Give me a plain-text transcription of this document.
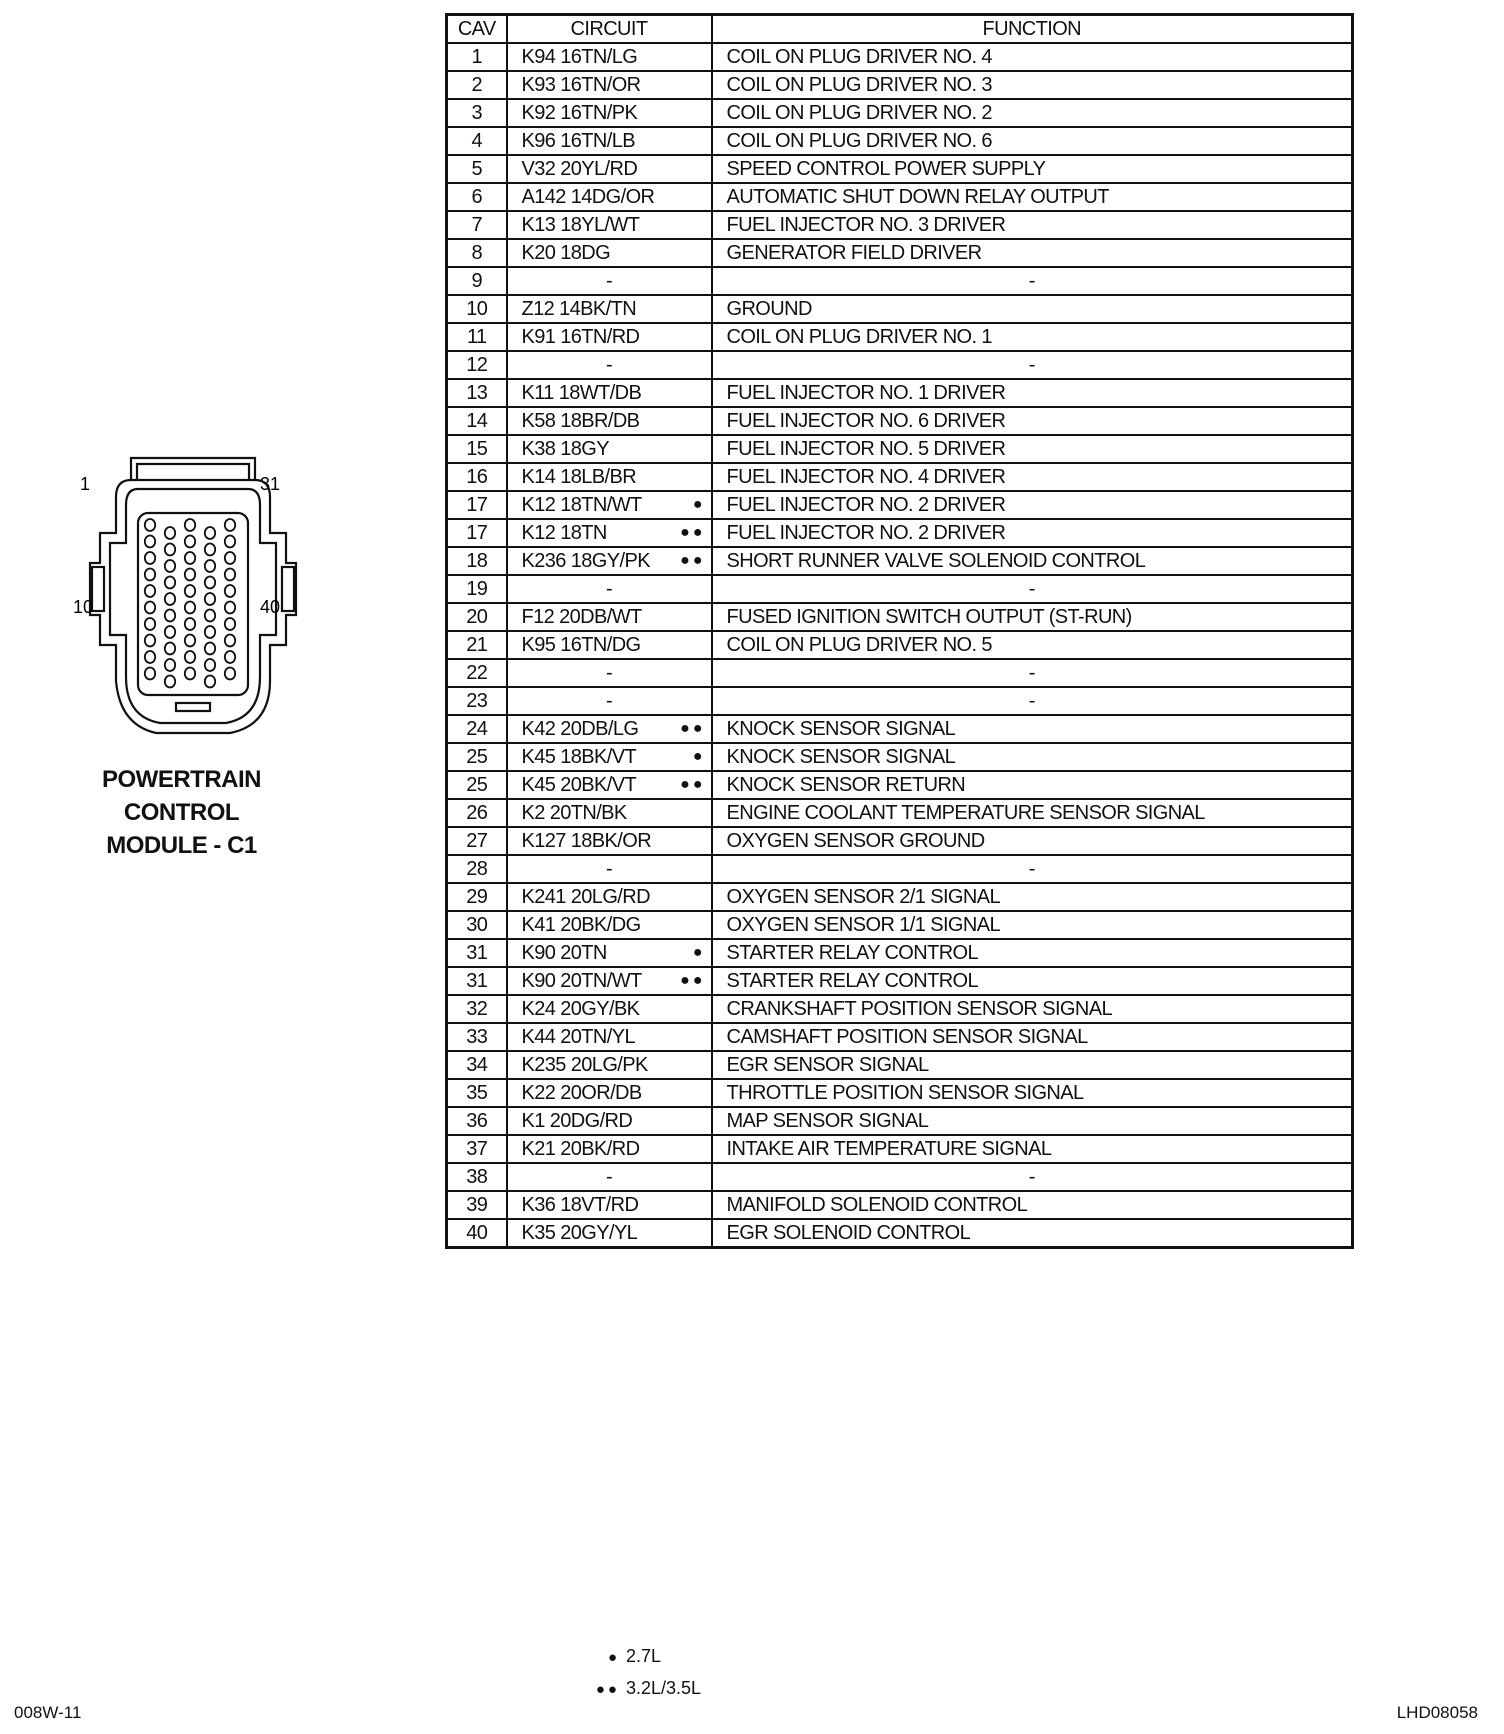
1	31
10	40
POWERTRAIN
CONTROL
MODULE - C1
CAV	CIRCUIT	FUNCTION
1	K94 16TN/LG	COIL ON PLUG DRIVER NO. 4
2	K93 16TN/OR	COIL ON PLUG DRIVER NO. 3
3	K92 16TN/PK	COIL ON PLUG DRIVER NO. 2
4	K96 16TN/LB	COIL ON PLUG DRIVER NO. 6
5	V32 20YL/RD	SPEED CONTROL POWER SUPPLY
6	A142 14DG/OR	AUTOMATIC SHUT DOWN RELAY OUTPUT
7	K13 18YL/WT	FUEL INJECTOR NO. 3 DRIVER
8	K20 18DG	GENERATOR FIELD DRIVER
9	-	-
10	Z12 14BK/TN	GROUND
11	K91 16TN/RD	COIL ON PLUG DRIVER NO. 1
12	-	-
13	K11 18WT/DB	FUEL INJECTOR NO. 1 DRIVER
14	K58 18BR/DB	FUEL INJECTOR NO. 6 DRIVER
15	K38 18GY	FUEL INJECTOR NO. 5 DRIVER
16	K14 18LB/BR	FUEL INJECTOR NO. 4 DRIVER
17	K12 18TN/WT ●	FUEL INJECTOR NO. 2 DRIVER
17	K12 18TN ●●	FUEL INJECTOR NO. 2 DRIVER
18	K236 18GY/PK ●●	SHORT RUNNER VALVE SOLENOID CONTROL
19	-	-
20	F12 20DB/WT	FUSED IGNITION SWITCH OUTPUT (ST-RUN)
21	K95 16TN/DG	COIL ON PLUG DRIVER NO. 5
22	-	-
23	-	-
24	K42 20DB/LG ●●	KNOCK SENSOR SIGNAL
25	K45 18BK/VT ●	KNOCK SENSOR SIGNAL
25	K45 20BK/VT ●●	KNOCK SENSOR RETURN
26	K2 20TN/BK	ENGINE COOLANT TEMPERATURE SENSOR SIGNAL
27	K127 18BK/OR	OXYGEN SENSOR GROUND
28	-	-
29	K241 20LG/RD	OXYGEN SENSOR 2/1 SIGNAL
30	K41 20BK/DG	OXYGEN SENSOR 1/1 SIGNAL
31	K90 20TN ●	STARTER RELAY CONTROL
31	K90 20TN/WT ●●	STARTER RELAY CONTROL
32	K24 20GY/BK	CRANKSHAFT POSITION SENSOR SIGNAL
33	K44 20TN/YL	CAMSHAFT POSITION SENSOR SIGNAL
34	K235 20LG/PK	EGR SENSOR SIGNAL
35	K22 20OR/DB	THROTTLE POSITION SENSOR SIGNAL
36	K1 20DG/RD	MAP SENSOR SIGNAL
37	K21 20BK/RD	INTAKE AIR TEMPERATURE SIGNAL
38	-	-
39	K36 18VT/RD	MANIFOLD SOLENOID CONTROL
40	K35 20GY/YL	EGR SOLENOID CONTROL
● 2.7L
●● 3.2L/3.5L
008W-11	LHD08058
